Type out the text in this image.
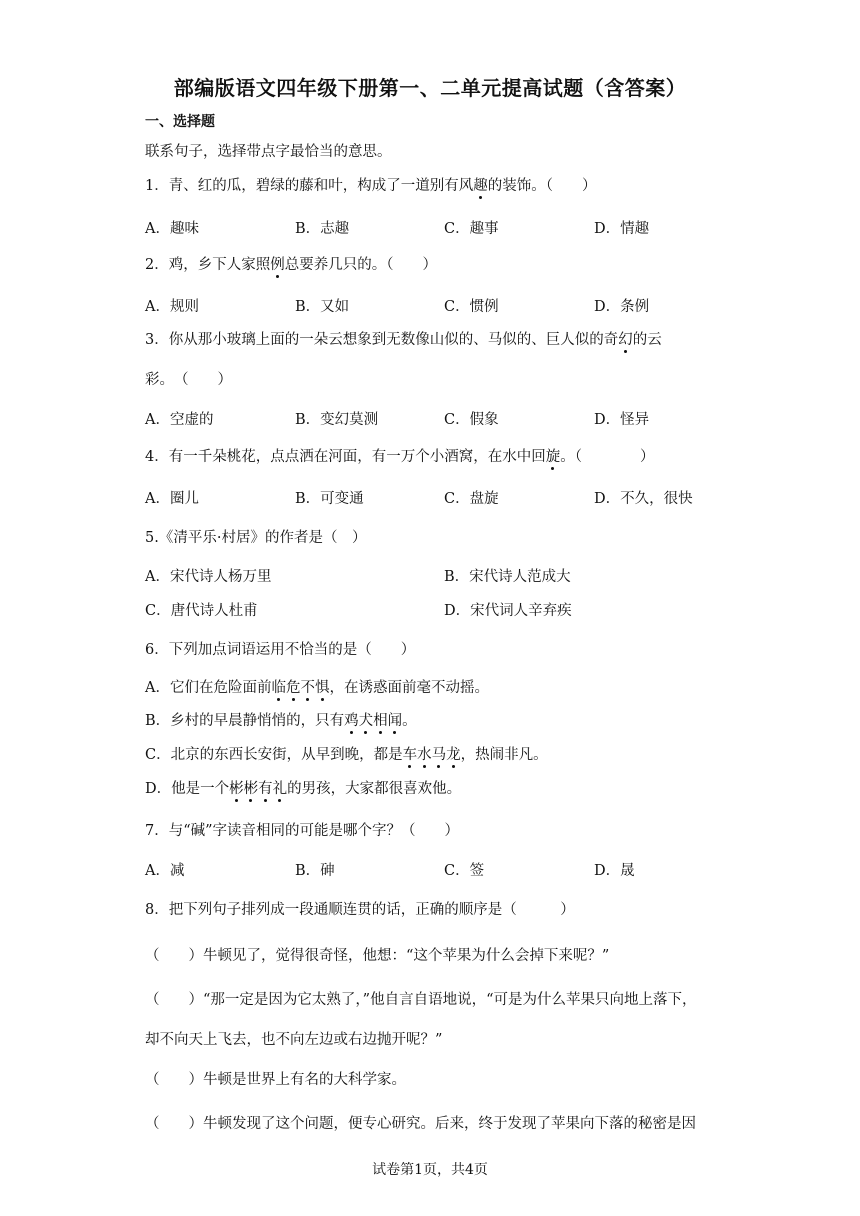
部编版语文四年级下册第一、二单元提高试题（含答案）
一、选择题
联系句子，选择带点字最恰当的意思。
1．青、红的瓜，碧绿的藤和叶，构成了一道别有风趣的装饰。（　　）
A．趣味	B．志趣	C．趣事	D．情趣
2．鸡，乡下人家照例总要养几只的。（　　）
A．规则	B．又如	C．惯例	D．条例
3．你从那小玻璃上面的一朵云想象到无数像山似的、马似的、巨人似的奇幻的云
彩。　（　　）
A．空虚的	B．变幻莫测	C．假象	D．怪异
4．有一千朵桃花，点点洒在河面，有一万个小酒窝，在水中回旋。（　　　　）
A．圈儿	B．可变通	C．盘旋	D．不久，很快
5.《清平乐·村居》的作者是（　）
A．宋代诗人杨万里	B．宋代诗人范成大
C．唐代诗人杜甫	D．宋代词人辛弃疾
6．下列加点词语运用不恰当的是（　　）
A．它们在危险面前临危不惧，在诱惑面前毫不动摇。
B．乡村的早晨静悄悄的，只有鸡犬相闻。
C．北京的东西长安街，从早到晚，都是车水马龙，热闹非凡。
D．他是一个彬彬有礼的男孩，大家都很喜欢他。
7．与“碱”字读音相同的可能是哪个字？（　　）
A．减	B．砷	C．签	D．晟
8．把下列句子排列成一段通顺连贯的话，正确的顺序是（　　　）
（　　）牛顿见了，觉得很奇怪，他想：“这个苹果为什么会掉下来呢？”
（　　）“那一定是因为它太熟了，”他自言自语地说，“可是为什么苹果只向地上落下，
却不向天上飞去，也不向左边或右边抛开呢？”
（　　）牛顿是世界上有名的大科学家。
（　　）牛顿发现了这个问题，便专心研究。后来，终于发现了苹果向下落的秘密是因
试卷第1页，共4页
